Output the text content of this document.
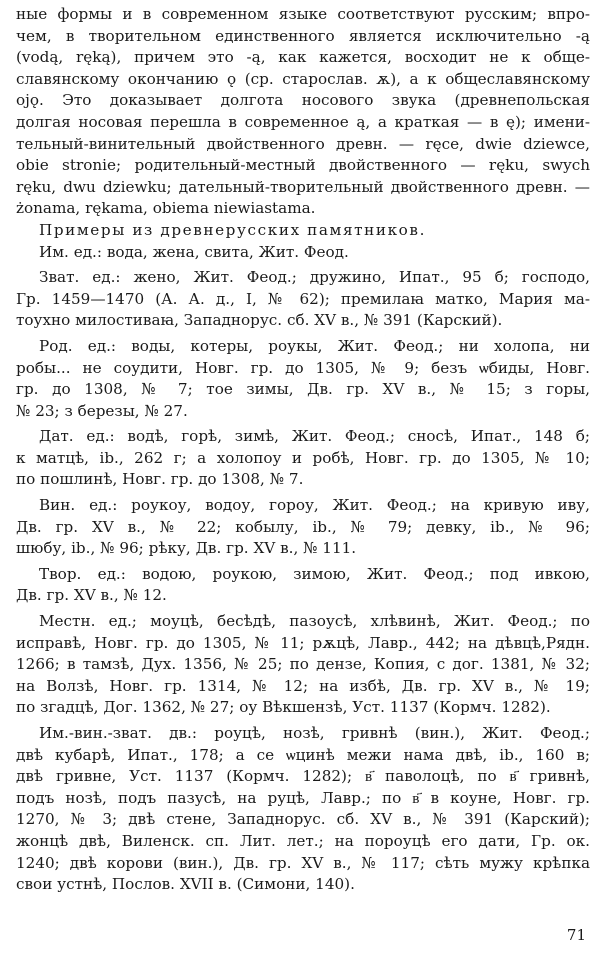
ные формы и в современном языке соответствуют русским; впро-
чем, в творительном единственного является исключительно -ą
(vodą, ręką), причем это -ą, как кажется, восходит не к обще-
славянскому окончанию ǫ (ср. старослав. ѫ), а к общеславянскому
ojǫ. Это доказывает долгота носового звука (древнепольская
долгая носовая перешла в современное ą, а краткая — в ę); имени-
тельный-винительный двойственного древн. — ręce, dwie dziewce,
obie stronie; родительный-местный двойственного — ręku, swych
ręku, dwu dziewku; дательный-творительный двойственного древн. —
żonama, rękama, obiema niewiastama.
Примеры из древнерусских памятников.
Им. ед.: вода, жена, свита, Жит. Феод.
Зват. ед.: жено, Жит. Феод.; дружино, Ипат., 95 б; господо,
Гр. 1459—1470 (А. А. д., I, № 62); премилаꙗ матко, Мария ма-
тоухно милостиваꙗ, Западнорус. сб. XV в., № 391 (Карский).
Род. ед.: воды, котеры, роукы, Жит. Феод.; ни холопа, ни
робы... не соудити, Новг. гр. до 1305, № 9; безъ ѡбиды, Новг.
гр. до 1308, № 7; тое зимы, Дв. гр. XV в., № 15; з горы,
№ 23; з березы, № 27.
Дат. ед.: водѣ, горѣ, зимѣ, Жит. Феод.; сносѣ, Ипат., 148 б;
к матцѣ, ib., 262 г; а холопоу и робѣ, Новг. гр. до 1305, № 10;
по пошлинѣ, Новг. гр. до 1308, № 7.
Вин. ед.: роукоу, водоу, гороу, Жит. Феод.; на кривую иву,
Дв. гр. XV в., № 22; кобылу, ib., № 79; девку, ib., № 96;
шюбу, ib., № 96; рѣку, Дв. гр. XV в., № 111.
Твор. ед.: водою, роукою, зимою, Жит. Феод.; под ивкою,
Дв. гр. XV в., № 12.
Местн. ед.; моуцѣ, бесѣдѣ, пазоусѣ, хлѣвинѣ, Жит. Феод.; по
исправѣ, Новг. гр. до 1305, № 11; рѫцѣ, Лавр., 442; на дѣвцѣ,Рядн.
1266; в тамзѣ, Дух. 1356, № 25; по дензе, Копия, с дог. 1381, № 32;
на Волзѣ, Новг. гр. 1314, № 12; на избѣ, Дв. гр. XV в., № 19;
по згадцѣ, Дог. 1362, № 27; оу Вѣкшензѣ, Уст. 1137 (Кормч. 1282).
Им.-вин.-зват. дв.: роуцѣ, нозѣ, гривнѣ (вин.), Жит. Феод.;
двѣ кубарѣ, Ипат., 178; а се ѡцинѣ межи нама двѣ, ib., 160 в;
двѣ гривне, Уст. 1137 (Кормч. 1282); в҃ паволоцѣ, по в҃ гривнѣ,
подъ нозѣ, подъ пазусѣ, на руцѣ, Лавр.; по в҃ в коуне, Новг. гр.
1270, № 3; двѣ стене, Западнорус. сб. XV в., № 391 (Карский);
жонцѣ двѣ, Виленск. сп. Лит. лет.; на пороуцѣ его дати, Гр. ок.
1240; двѣ корови (вин.), Дв. гр. XV в., № 117; сѣть мужу крѣпка
свои устнѣ, Послов. XVII в. (Симони, 140).
71
